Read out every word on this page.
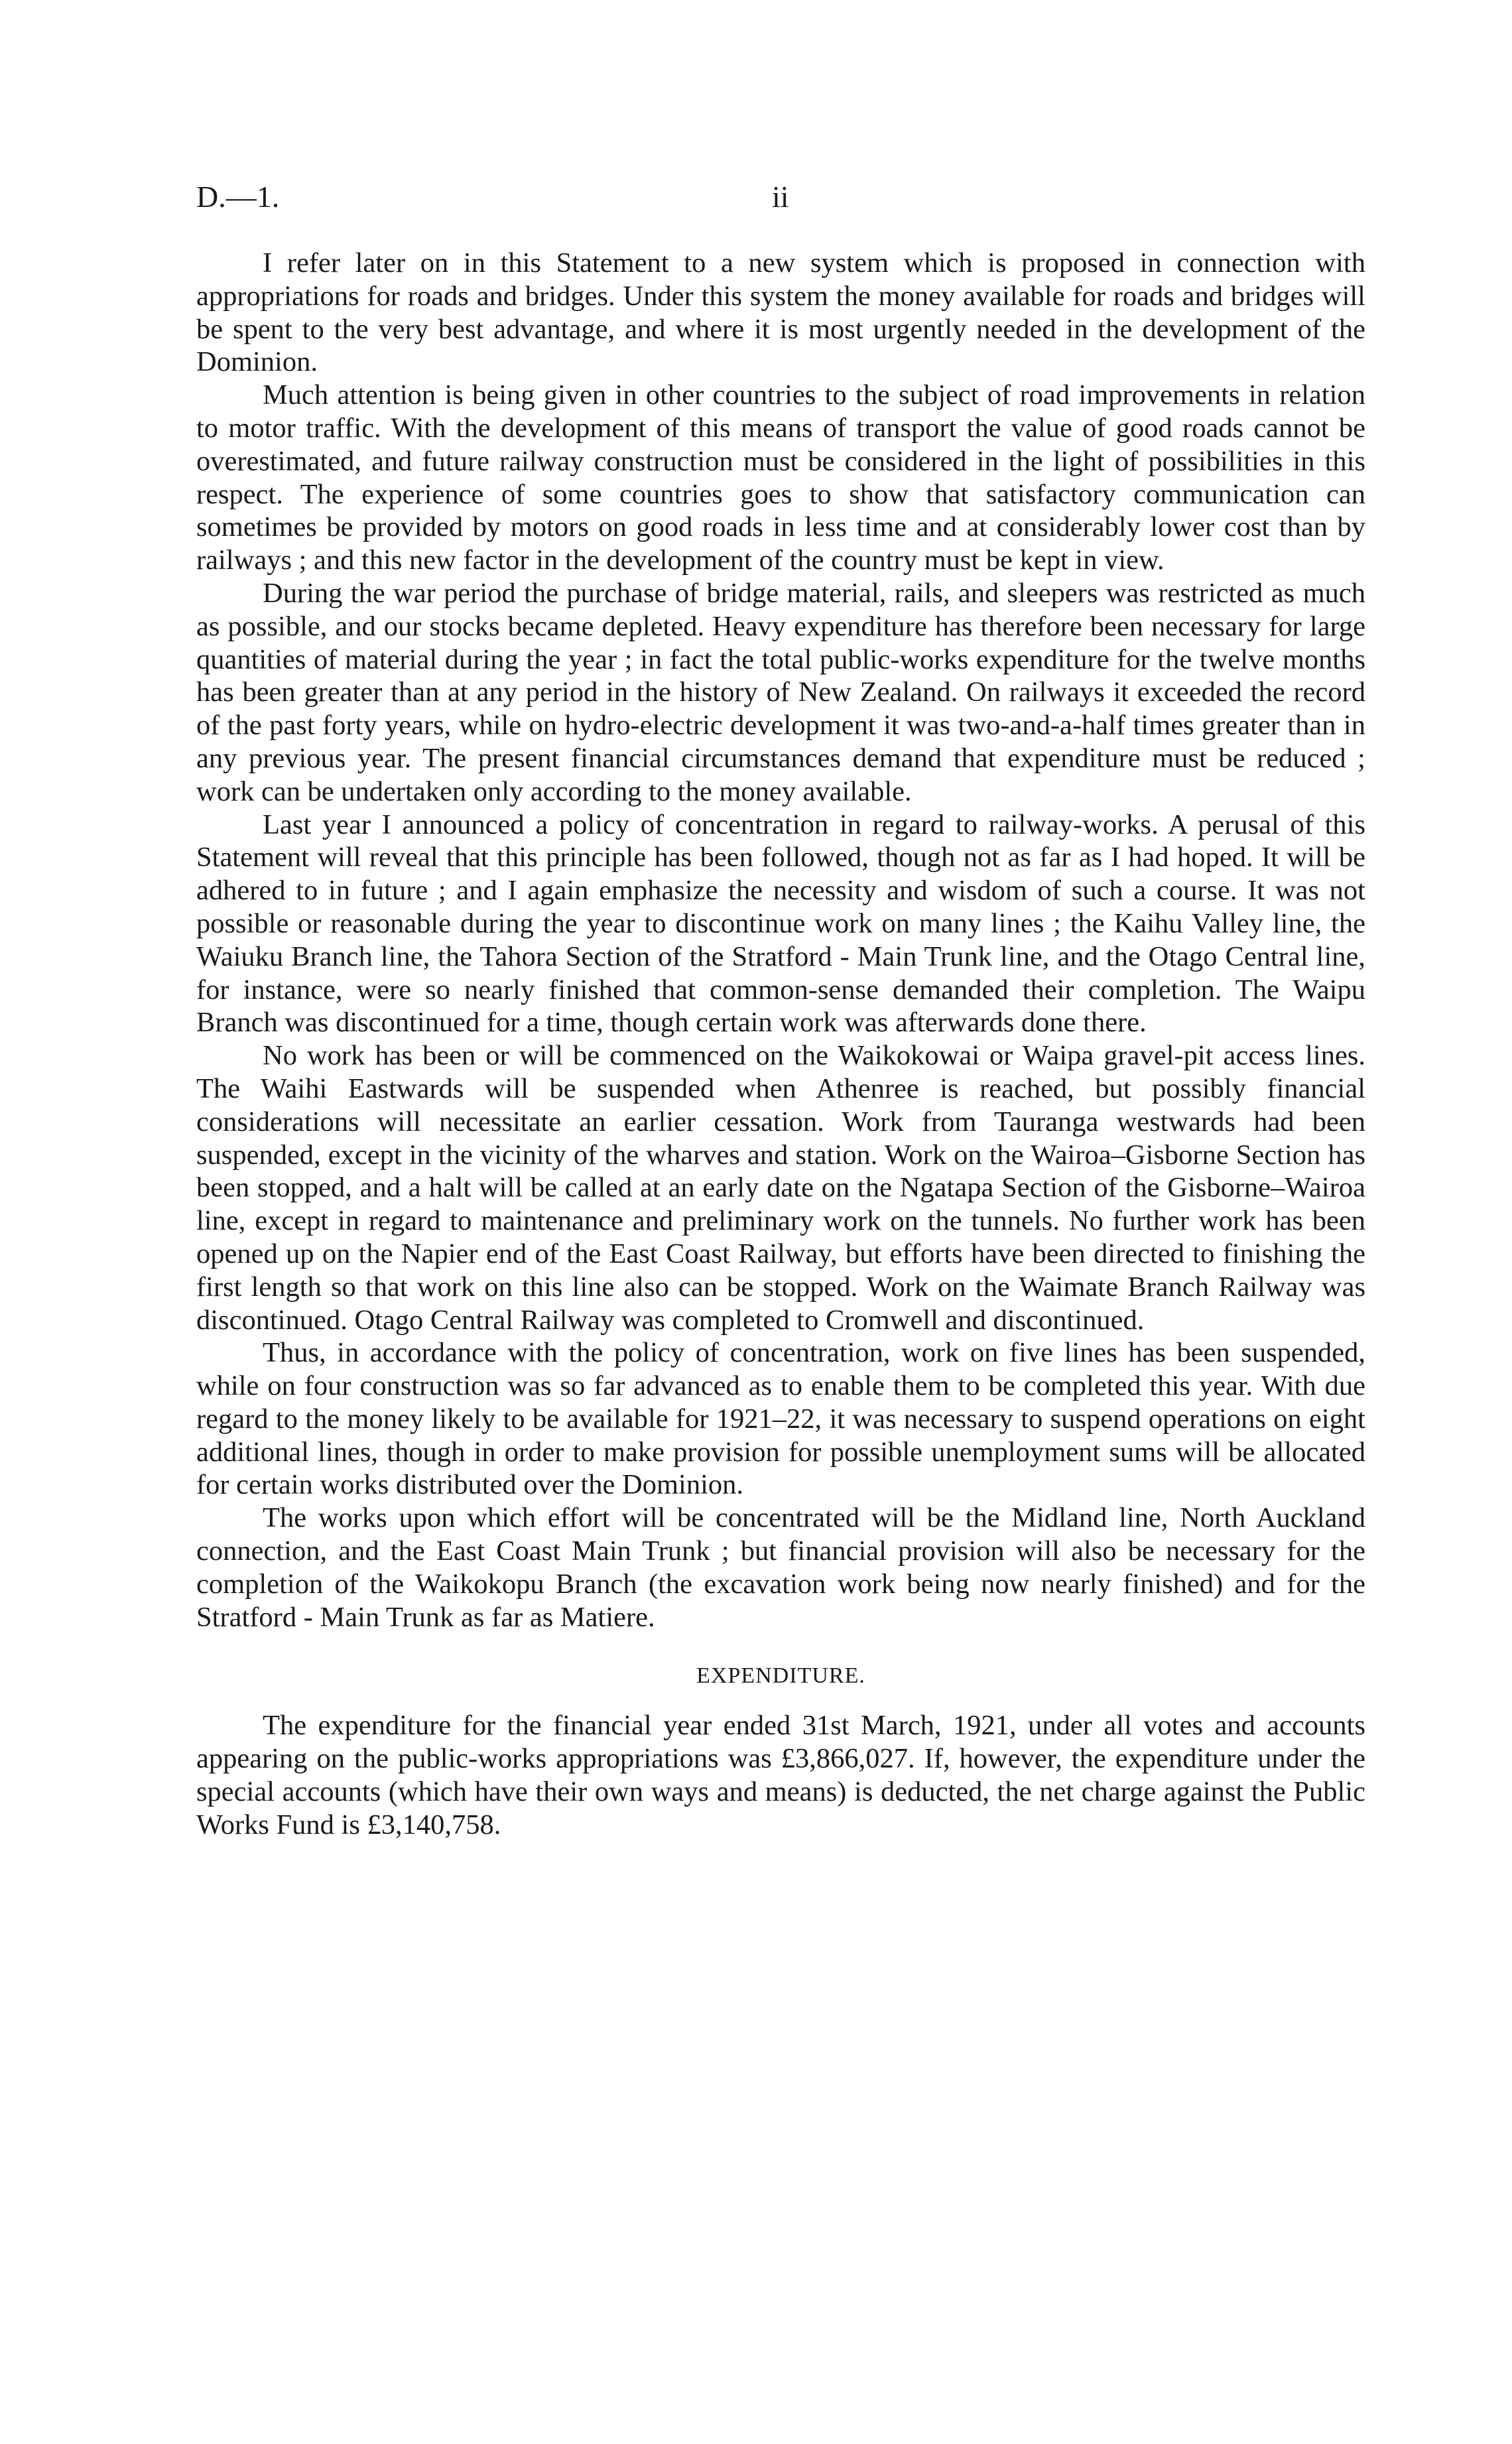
D.—1.	ii

I refer later on in this Statement to a new system which is proposed in connection with appropriations for roads and bridges. Under this system the money available for roads and bridges will be spent to the very best advantage, and where it is most urgently needed in the development of the Dominion.

Much attention is being given in other countries to the subject of road improvements in relation to motor traffic. With the development of this means of transport the value of good roads cannot be overestimated, and future railway construction must be considered in the light of possibilities in this respect. The experience of some countries goes to show that satisfactory communication can sometimes be provided by motors on good roads in less time and at considerably lower cost than by railways ; and this new factor in the development of the country must be kept in view.

During the war period the purchase of bridge material, rails, and sleepers was restricted as much as possible, and our stocks became depleted. Heavy expenditure has therefore been necessary for large quantities of material during the year ; in fact the total public-works expenditure for the twelve months has been greater than at any period in the history of New Zealand. On railways it exceeded the record of the past forty years, while on hydro-electric development it was two-and-a-half times greater than in any previous year. The present financial circumstances demand that expenditure must be reduced ; work can be undertaken only according to the money available.

Last year I announced a policy of concentration in regard to railway-works. A perusal of this Statement will reveal that this principle has been followed, though not as far as I had hoped. It will be adhered to in future ; and I again emphasize the necessity and wisdom of such a course. It was not possible or reasonable during the year to discontinue work on many lines ; the Kaihu Valley line, the Waiuku Branch line, the Tahora Section of the Stratford - Main Trunk line, and the Otago Central line, for instance, were so nearly finished that common-sense demanded their completion. The Waipu Branch was discontinued for a time, though certain work was afterwards done there.

No work has been or will be commenced on the Waikokowai or Waipa gravel-pit access lines. The Waihi Eastwards will be suspended when Athenree is reached, but possibly financial considerations will necessitate an earlier cessation. Work from Tauranga westwards had been suspended, except in the vicinity of the wharves and station. Work on the Wairoa–Gisborne Section has been stopped, and a halt will be called at an early date on the Ngatapa Section of the Gisborne–Wairoa line, except in regard to maintenance and preliminary work on the tunnels. No further work has been opened up on the Napier end of the East Coast Railway, but efforts have been directed to finishing the first length so that work on this line also can be stopped. Work on the Waimate Branch Railway was discontinued. Otago Central Railway was completed to Cromwell and discontinued.

Thus, in accordance with the policy of concentration, work on five lines has been suspended, while on four construction was so far advanced as to enable them to be completed this year. With due regard to the money likely to be available for 1921–22, it was necessary to suspend operations on eight additional lines, though in order to make provision for possible unemployment sums will be allocated for certain works distributed over the Dominion.

The works upon which effort will be concentrated will be the Midland line, North Auckland connection, and the East Coast Main Trunk ; but financial provision will also be necessary for the completion of the Waikokopu Branch (the excavation work being now nearly finished) and for the Stratford - Main Trunk as far as Matiere.

EXPENDITURE.

The expenditure for the financial year ended 31st March, 1921, under all votes and accounts appearing on the public-works appropriations was £3,866,027. If, however, the expenditure under the special accounts (which have their own ways and means) is deducted, the net charge against the Public Works Fund is £3,140,758.
